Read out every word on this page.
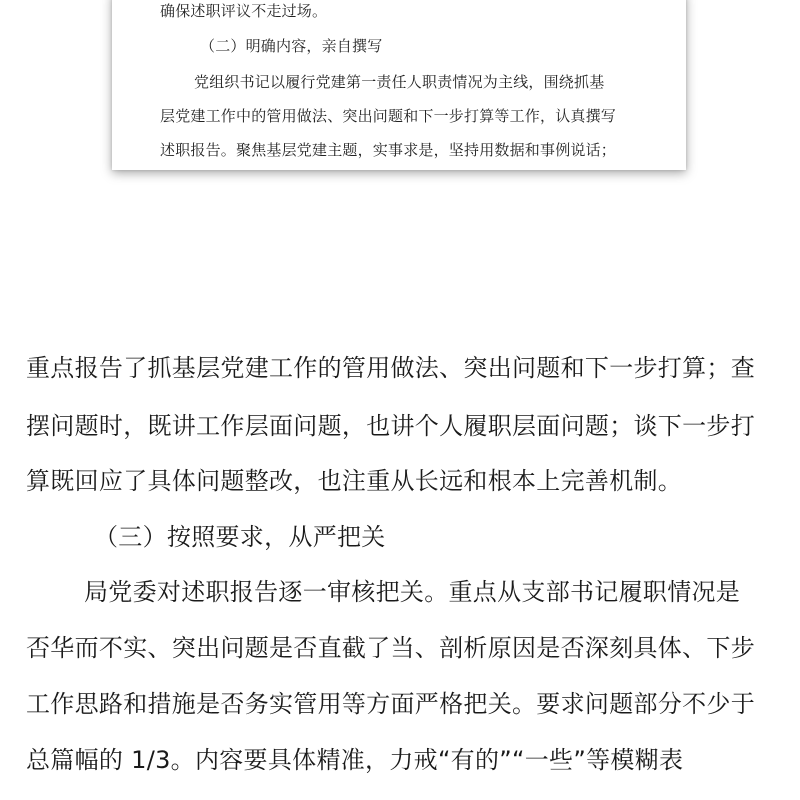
确保述职评议不走过场。

（二）明确内容，亲自撰写

党组织书记以履行党建第一责任人职责情况为主线，围绕抓基

层党建工作中的管用做法、突出问题和下一步打算等工作，认真撰写

述职报告。聚焦基层党建主题，实事求是，坚持用数据和事例说话；

重点报告了抓基层党建工作的管用做法、突出问题和下一步打算；查

摆问题时，既讲工作层面问题，也讲个人履职层面问题；谈下一步打

算既回应了具体问题整改，也注重从长远和根本上完善机制。

（三）按照要求，从严把关

局党委对述职报告逐一审核把关。重点从支部书记履职情况是

否华而不实、突出问题是否直截了当、剖析原因是否深刻具体、下步

工作思路和措施是否务实管用等方面严格把关。要求问题部分不少于

总篇幅的 1/3。内容要具体精准，力戒“有的”“一些”等模糊表
